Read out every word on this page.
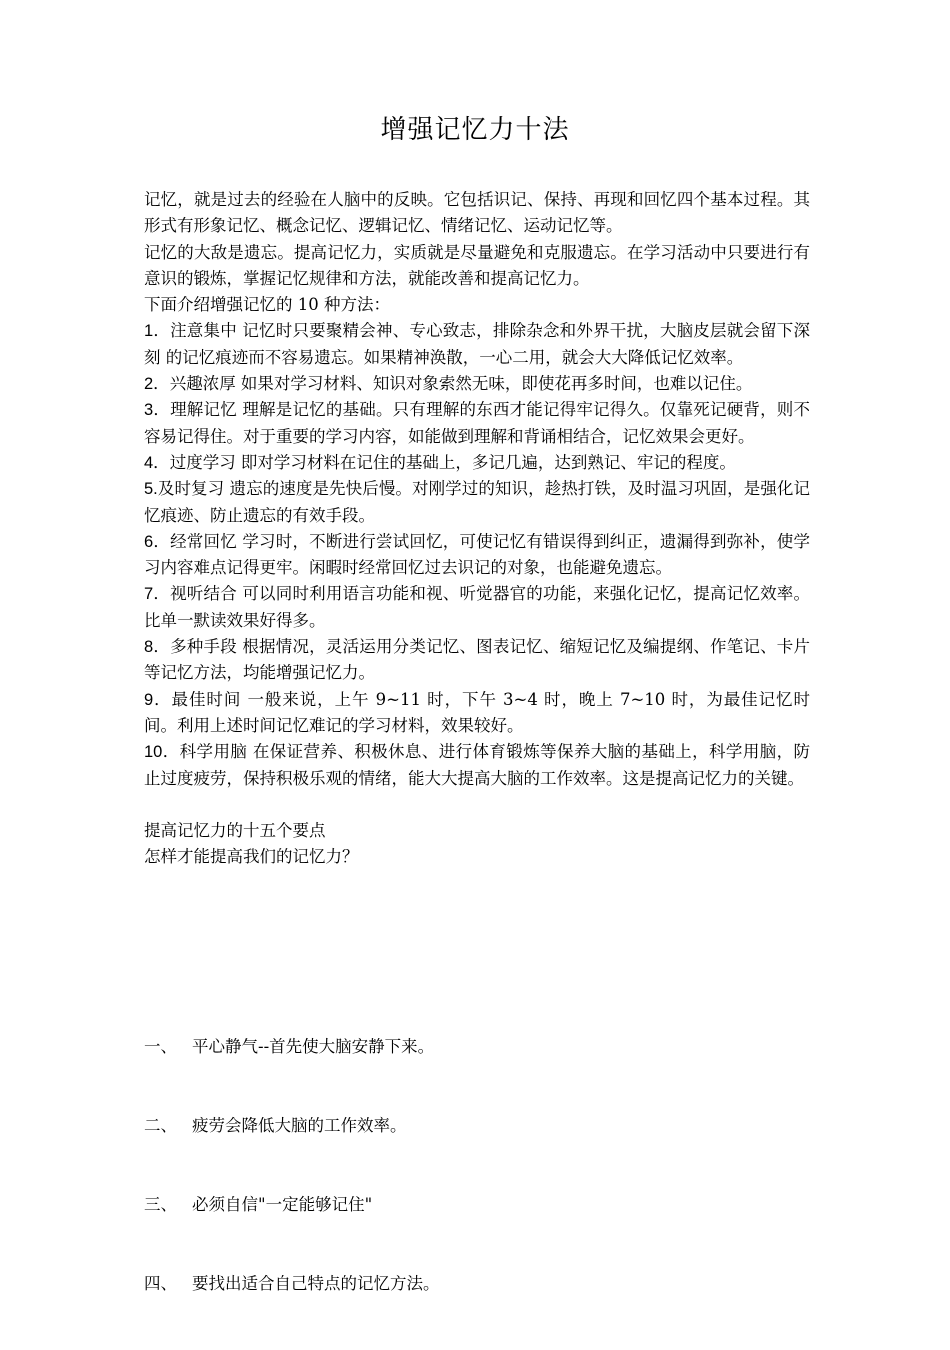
增强记忆力十法

记忆，就是过去的经验在人脑中的反映。它包括识记、保持、再现和回忆四个基本过程。其形式有形象记忆、概念记忆、逻辑记忆、情绪记忆、运动记忆等。

记忆的大敌是遗忘。提高记忆力，实质就是尽量避免和克服遗忘。在学习活动中只要进行有意识的锻炼，掌握记忆规律和方法，就能改善和提高记忆力。

下面介绍增强记忆的 10 种方法：

1．注意集中 记忆时只要聚精会神、专心致志，排除杂念和外界干扰，大脑皮层就会留下深刻 的记忆痕迹而不容易遗忘。如果精神涣散，一心二用，就会大大降低记忆效率。

2．兴趣浓厚 如果对学习材料、知识对象索然无味，即使花再多时间，也难以记住。

3．理解记忆 理解是记忆的基础。只有理解的东西才能记得牢记得久。仅靠死记硬背，则不容易记得住。对于重要的学习内容，如能做到理解和背诵相结合，记忆效果会更好。

4．过度学习 即对学习材料在记住的基础上，多记几遍，达到熟记、牢记的程度。

5.及时复习 遗忘的速度是先快后慢。对刚学过的知识，趁热打铁，及时温习巩固，是强化记忆痕迹、防止遗忘的有效手段。

6．经常回忆 学习时，不断进行尝试回忆，可使记忆有错误得到纠正，遗漏得到弥补，使学习内容难点记得更牢。闲暇时经常回忆过去识记的对象，也能避免遗忘。

7．视听结合 可以同时利用语言功能和视、听觉器官的功能，来强化记忆，提高记忆效率。比单一默读效果好得多。

8．多种手段 根据情况，灵活运用分类记忆、图表记忆、缩短记忆及编提纲、作笔记、卡片等记忆方法，均能增强记忆力。

9．最佳时间 一般来说，上午 9~11 时，下午 3~4 时，晚上 7~10 时，为最佳记忆时间。利用上述时间记忆难记的学习材料，效果较好。

10．科学用脑 在保证营养、积极休息、进行体育锻炼等保养大脑的基础上，科学用脑，防止过度疲劳，保持积极乐观的情绪，能大大提高大脑的工作效率。这是提高记忆力的关键。

提高记忆力的十五个要点

怎样才能提高我们的记忆力？

一、 平心静气--首先使大脑安静下来。
二、 疲劳会降低大脑的工作效率。
三、 必须自信"一定能够记住"
四、 要找出适合自己特点的记忆方法。
